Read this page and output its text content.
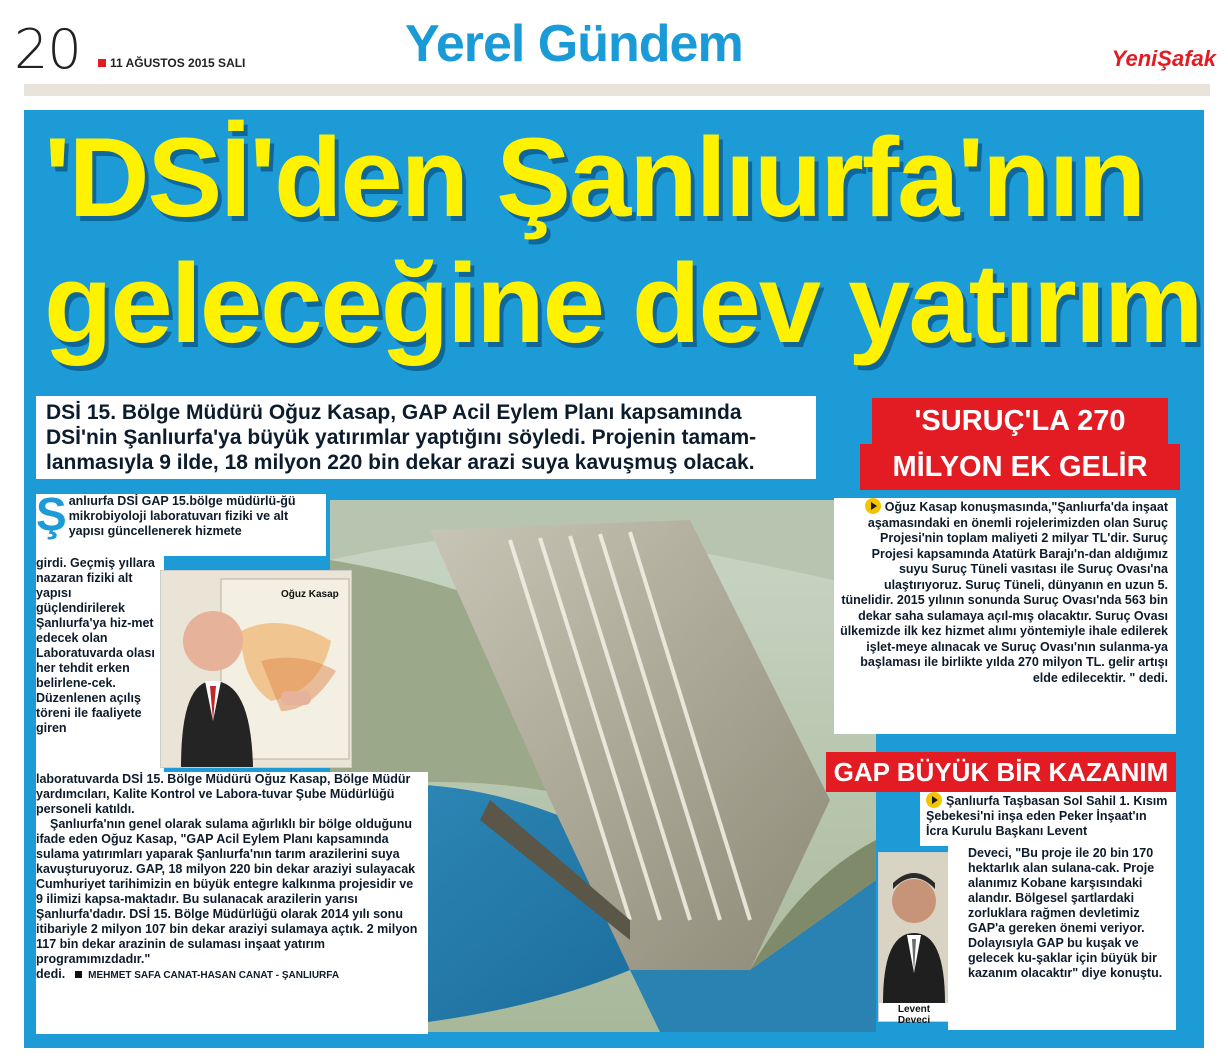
20	11 AĞUSTOS 2015 SALI	Yerel Gündem	YeniŞafak
'DSİ'den Şanlıurfa'nın
geleceğine dev yatırım

DSİ 15. Bölge Müdürü Oğuz Kasap, GAP Acil Eylem Planı kapsamında

DSİ'nin Şanlıurfa'ya büyük yatırımlar yaptığını söyledi. Projenin tamam-

lanmasıyla 9 ilde, 18 milyon 220 bin dekar arazi suya kavuşmuş olacak.

Ş anlıurfa DSİ GAP 15.bölge müdürlü-ğü mikrobiyoloji laboratuvarı fiziki ve alt yapısı güncellenerek hizmete

girdi. Geçmiş yıllara nazaran fiziki alt yapısı güçlendirilerek Şanlıurfa'ya hiz-met edecek olan Laboratuvarda olası her tehdit erken belirlene-cek. Düzenlenen açılış töreni ile faaliyete giren

Oğuz Kasap

laboratuvarda DSİ 15. Bölge Müdürü Oğuz Kasap, Bölge Müdür yardımcıları, Kalite Kontrol ve Labora-tuvar Şube Müdürlüğü personeli katıldı.

Şanlıurfa'nın genel olarak sulama ağırlıklı bir bölge olduğunu ifade eden Oğuz Kasap, "GAP Acil Eylem Planı kapsamında sulama yatırımları yaparak Şanlıurfa'nın tarım arazilerini suya kavuşturuyoruz. GAP, 18 milyon 220 bin dekar araziyi sulayacak Cumhuriyet tarihimizin en büyük entegre kalkınma projesidir ve 9 ilimizi kapsa-maktadır. Bu sulanacak arazilerin yarısı Şanlıurfa'dadır. DSİ 15. Bölge Müdürlüğü olarak 2014 yılı sonu itibariyle 2 milyon 107 bin dekar araziyi sulamaya açtık. 2 milyon 117 bin dekar arazinin de sulaması inşaat yatırım programımızdadır."

dedi. MEHMET SAFA CANAT-HASAN CANAT - ŞANLIURFA

'SURUÇ'LA 270
MİLYON EK GELİR

Oğuz Kasap konuşmasında,"Şanlıurfa'da inşaat aşamasındaki en önemli rojelerimizden olan Suruç Projesi'nin toplam maliyeti 2 milyar TL'dir. Suruç Projesi kapsamında Atatürk Barajı'n-dan aldığımız suyu Suruç Tüneli vasıtası ile Suruç Ovası'na ulaştırıyoruz. Suruç Tüneli, dünyanın en uzun 5. tünelidir. 2015 yılının sonunda Suruç Ovası'nda 563 bin dekar saha sulamaya açıl-mış olacaktır. Suruç Ovası ülkemizde ilk kez hizmet alımı yöntemiyle ihale edilerek işlet-meye alınacak ve Suruç Ovası'nın sulanma-ya başlaması ile birlikte yılda 270 milyon TL. gelir artışı elde edilecektir. " dedi.

GAP BÜYÜK BİR KAZANIM

Şanlıurfa Taşbasan Sol Sahil 1. Kısım Şebekesi'ni inşa eden Peker İnşaat'ın İcra Kurulu Başkanı Levent

Levent Deveci

Deveci, "Bu proje ile 20 bin 170 hektarlık alan sulana-cak. Proje alanımız Kobane karşısındaki alandır. Bölgesel şartlardaki zorluklara rağmen devletimiz GAP'a gereken önemi veriyor. Dolayısıyla GAP bu kuşak ve gelecek ku-şaklar için büyük bir kazanım olacaktır" diye konuştu.
